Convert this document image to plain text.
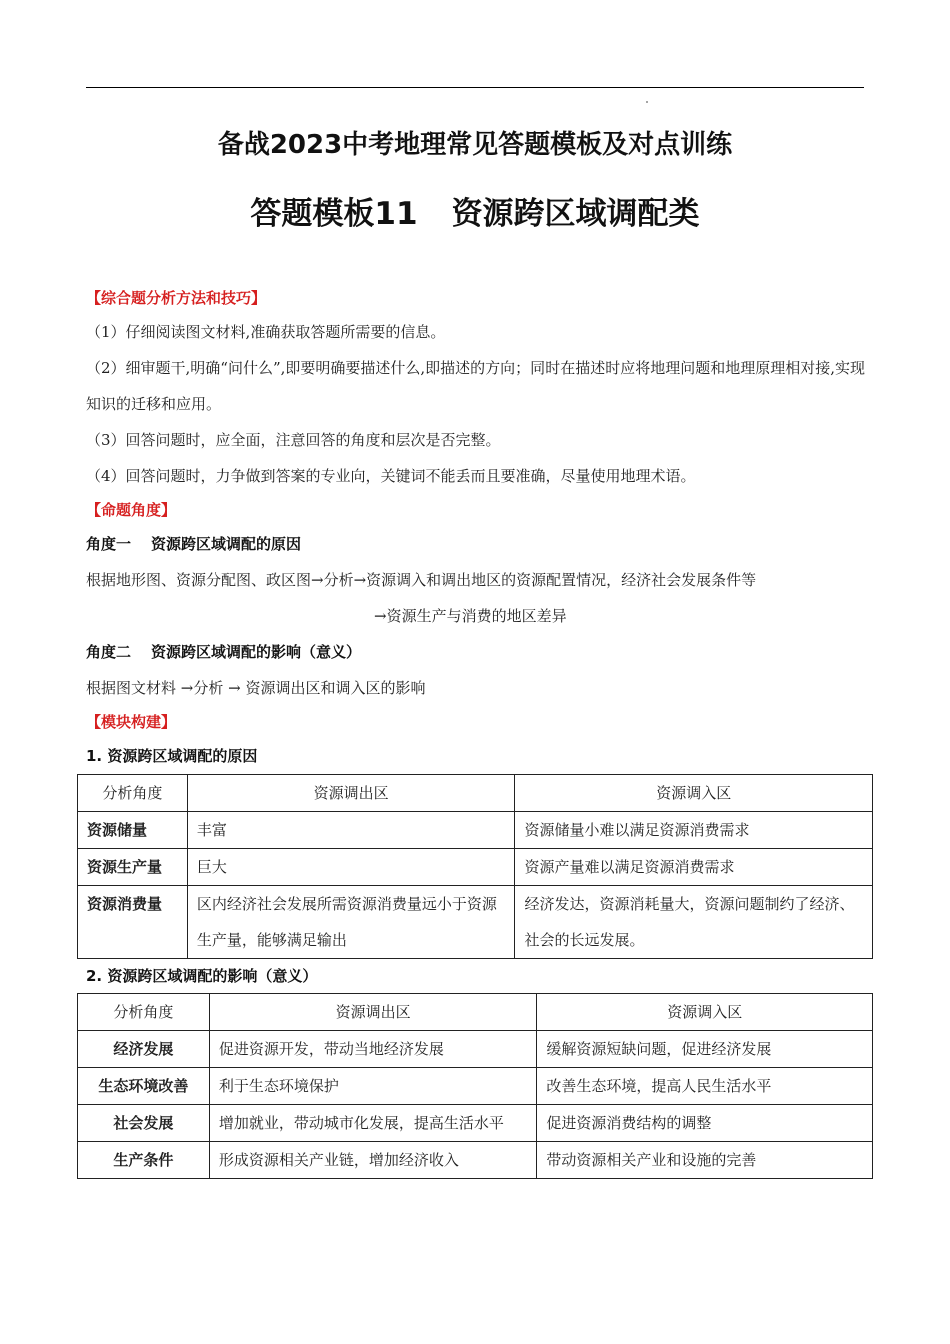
备战2023中考地理常见答题模板及对点训练
答题模板11 资源跨区域调配类
【综合题分析方法和技巧】
（1）仔细阅读图文材料,准确获取答题所需要的信息。
（2）细审题干,明确“问什么”,即要明确要描述什么,即描述的方向；同时在描述时应将地理问题和地理原理相对接,实现知识的迁移和应用。
（3）回答问题时，应全面，注意回答的角度和层次是否完整。
（4）回答问题时，力争做到答案的专业向，关键词不能丢而且要准确，尽量使用地理术语。
【命题角度】
角度一 资源跨区域调配的原因
根据地形图、资源分配图、政区图→分析→资源调入和调出地区的资源配置情况，经济社会发展条件等
→资源生产与消费的地区差异
角度二 资源跨区域调配的影响（意义）
根据图文材料 →分析 → 资源调出区和调入区的影响
【模块构建】
1. 资源跨区域调配的原因
分析角度	资源调出区	资源调入区
资源储量	丰富	资源储量小难以满足资源消费需求
资源生产量	巨大	资源产量难以满足资源消费需求
资源消费量	区内经济社会发展所需资源消费量远小于资源生产量，能够满足输出	经济发达，资源消耗量大，资源问题制约了经济、社会的长远发展。
2. 资源跨区域调配的影响（意义）
分析角度	资源调出区	资源调入区
经济发展	促进资源开发，带动当地经济发展	缓解资源短缺问题，促进经济发展
生态环境改善	利于生态环境保护	改善生态环境，提高人民生活水平
社会发展	增加就业，带动城市化发展，提高生活水平	促进资源消费结构的调整
生产条件	形成资源相关产业链，增加经济收入	带动资源相关产业和设施的完善
